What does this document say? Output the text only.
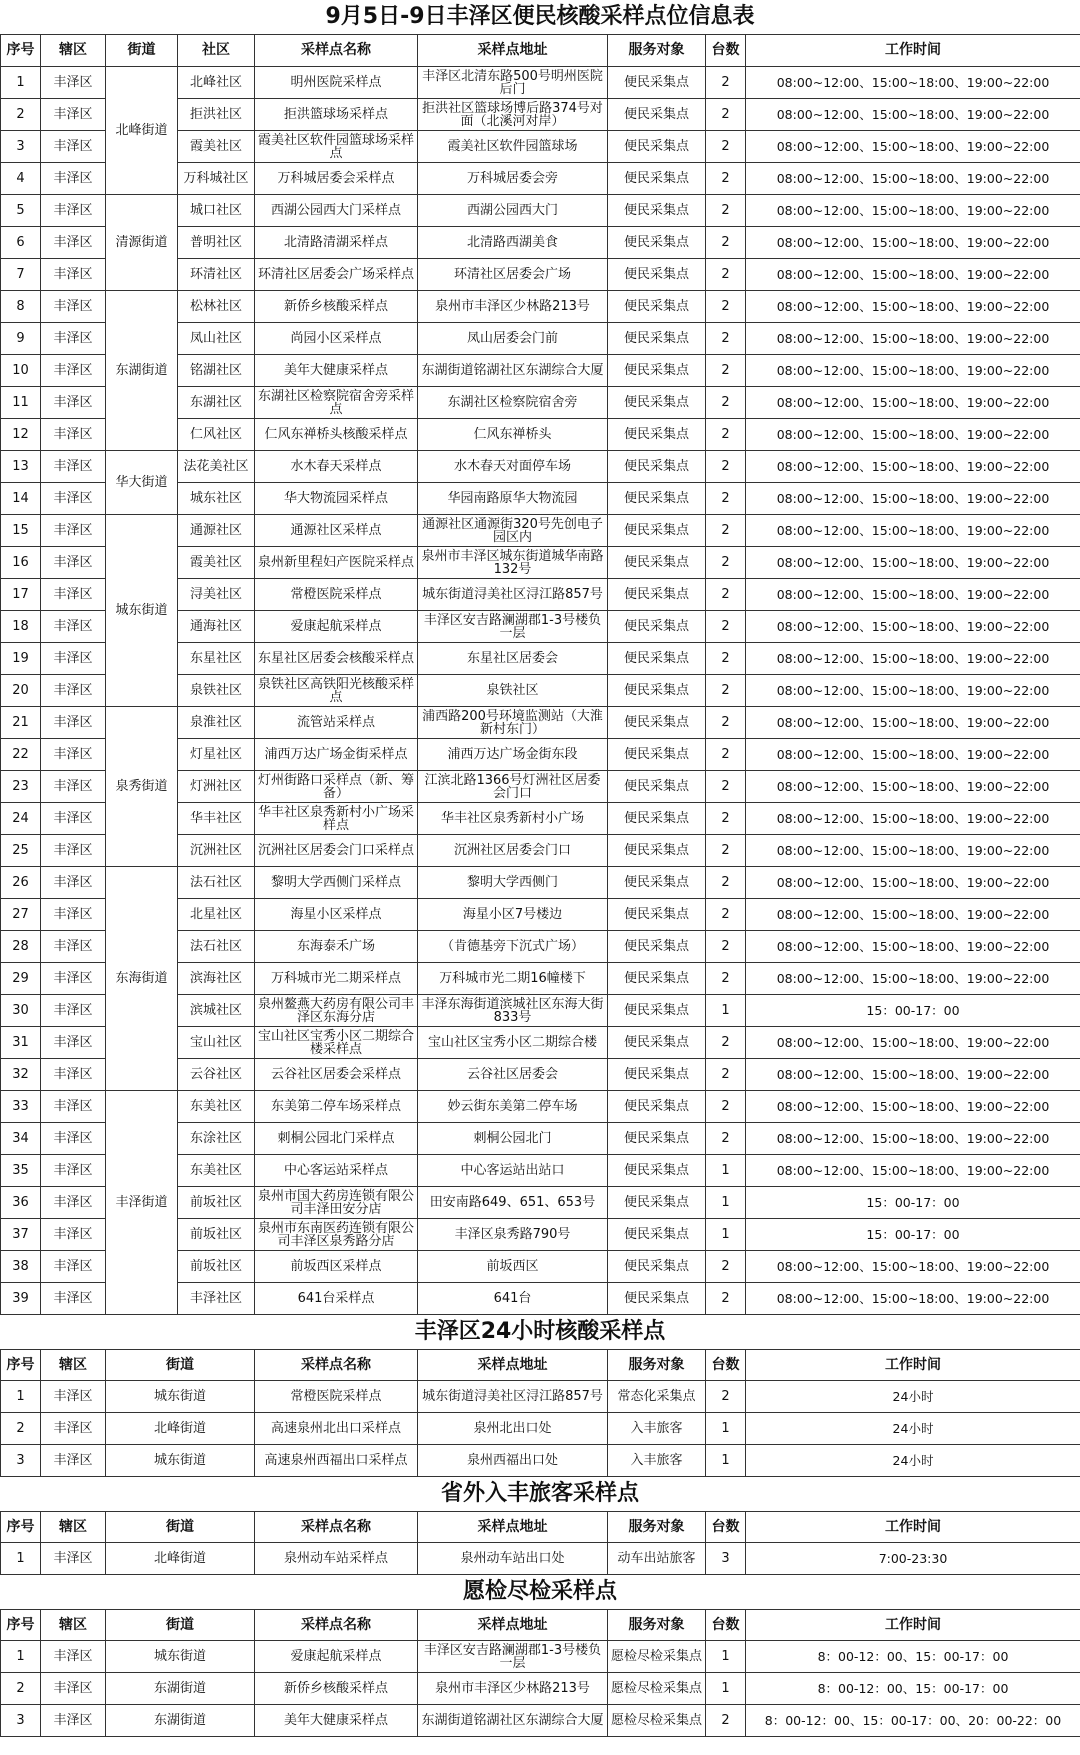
9月5日-9日丰泽区便民核酸采样点位信息表
序号	辖区	街道	社区	采样点名称	采样点地址	服务对象	台数	工作时间
1	丰泽区	北峰街道	北峰社区	明州医院采样点	丰泽区北清东路500号明州医院后门	便民采集点	2	08:00~12:00、15:00~18:00、19:00~22:00
2	丰泽区		拒洪社区	拒洪篮球场采样点	拒洪社区篮球场博后路374号对面（北溪河对岸）	便民采集点	2	08:00~12:00、15:00~18:00、19:00~22:00
3	丰泽区		霞美社区	霞美社区软件园篮球场采样点	霞美社区软件园篮球场	便民采集点	2	08:00~12:00、15:00~18:00、19:00~22:00
4	丰泽区		万科城社区	万科城居委会采样点	万科城居委会旁	便民采集点	2	08:00~12:00、15:00~18:00、19:00~22:00
5	丰泽区	清源街道	城口社区	西湖公园西大门采样点	西湖公园西大门	便民采集点	2	08:00~12:00、15:00~18:00、19:00~22:00
6	丰泽区		普明社区	北清路清湖采样点	北清路西湖美食	便民采集点	2	08:00~12:00、15:00~18:00、19:00~22:00
7	丰泽区		环清社区	环清社区居委会广场采样点	环清社区居委会广场	便民采集点	2	08:00~12:00、15:00~18:00、19:00~22:00
8	丰泽区	东湖街道	松林社区	新侨乡核酸采样点	泉州市丰泽区少林路213号	便民采集点	2	08:00~12:00、15:00~18:00、19:00~22:00
9	丰泽区		凤山社区	尚园小区采样点	凤山居委会门前	便民采集点	2	08:00~12:00、15:00~18:00、19:00~22:00
10	丰泽区		铭湖社区	美年大健康采样点	东湖街道铭湖社区东湖综合大厦	便民采集点	2	08:00~12:00、15:00~18:00、19:00~22:00
11	丰泽区		东湖社区	东湖社区检察院宿舍旁采样点	东湖社区检察院宿舍旁	便民采集点	2	08:00~12:00、15:00~18:00、19:00~22:00
12	丰泽区		仁风社区	仁风东禅桥头核酸采样点	仁风东禅桥头	便民采集点	2	08:00~12:00、15:00~18:00、19:00~22:00
13	丰泽区	华大街道	法花美社区	水木春天采样点	水木春天对面停车场	便民采集点	2	08:00~12:00、15:00~18:00、19:00~22:00
14	丰泽区		城东社区	华大物流园采样点	华园南路原华大物流园	便民采集点	2	08:00~12:00、15:00~18:00、19:00~22:00
15	丰泽区	城东街道	通源社区	通源社区采样点	通源社区通源街320号先创电子园区内	便民采集点	2	08:00~12:00、15:00~18:00、19:00~22:00
16	丰泽区		霞美社区	泉州新里程妇产医院采样点	泉州市丰泽区城东街道城华南路132号	便民采集点	2	08:00~12:00、15:00~18:00、19:00~22:00
17	丰泽区		浔美社区	常橙医院采样点	城东街道浔美社区浔江路857号	便民采集点	2	08:00~12:00、15:00~18:00、19:00~22:00
18	丰泽区		通海社区	爱康起航采样点	丰泽区安吉路澜湖郡1-3号楼负一层	便民采集点	2	08:00~12:00、15:00~18:00、19:00~22:00
19	丰泽区		东星社区	东星社区居委会核酸采样点	东星社区居委会	便民采集点	2	08:00~12:00、15:00~18:00、19:00~22:00
20	丰泽区		泉铁社区	泉铁社区高铁阳光核酸采样点	泉铁社区	便民采集点	2	08:00~12:00、15:00~18:00、19:00~22:00
21	丰泽区	泉秀街道	泉淮社区	流管站采样点	浦西路200号环境监测站（大淮新村东门）	便民采集点	2	08:00~12:00、15:00~18:00、19:00~22:00
22	丰泽区		灯星社区	浦西万达广场金街采样点	浦西万达广场金街东段	便民采集点	2	08:00~12:00、15:00~18:00、19:00~22:00
23	丰泽区		灯洲社区	灯州街路口采样点（新、筹备）	江滨北路1366号灯洲社区居委会门口	便民采集点	2	08:00~12:00、15:00~18:00、19:00~22:00
24	丰泽区		华丰社区	华丰社区泉秀新村小广场采样点	华丰社区泉秀新村小广场	便民采集点	2	08:00~12:00、15:00~18:00、19:00~22:00
25	丰泽区		沉洲社区	沉洲社区居委会门口采样点	沉洲社区居委会门口	便民采集点	2	08:00~12:00、15:00~18:00、19:00~22:00
26	丰泽区	东海街道	法石社区	黎明大学西侧门采样点	黎明大学西侧门	便民采集点	2	08:00~12:00、15:00~18:00、19:00~22:00
27	丰泽区		北星社区	海星小区采样点	海星小区7号楼边	便民采集点	2	08:00~12:00、15:00~18:00、19:00~22:00
28	丰泽区		法石社区	东海泰禾广场	（肯德基旁下沉式广场）	便民采集点	2	08:00~12:00、15:00~18:00、19:00~22:00
29	丰泽区		滨海社区	万科城市光二期采样点	万科城市光二期16幢楼下	便民采集点	2	08:00~12:00、15:00~18:00、19:00~22:00
30	丰泽区		滨城社区	泉州鳌燕大药房有限公司丰泽区东海分店	丰泽东海街道滨城社区东海大街833号	便民采集点	1	15：00-17：00
31	丰泽区		宝山社区	宝山社区宝秀小区二期综合楼采样点	宝山社区宝秀小区二期综合楼	便民采集点	2	08:00~12:00、15:00~18:00、19:00~22:00
32	丰泽区		云谷社区	云谷社区居委会采样点	云谷社区居委会	便民采集点	2	08:00~12:00、15:00~18:00、19:00~22:00
33	丰泽区	丰泽街道	东美社区	东美第二停车场采样点	妙云街东美第二停车场	便民采集点	2	08:00~12:00、15:00~18:00、19:00~22:00
34	丰泽区		东涂社区	刺桐公园北门采样点	刺桐公园北门	便民采集点	2	08:00~12:00、15:00~18:00、19:00~22:00
35	丰泽区		东美社区	中心客运站采样点	中心客运站出站口	便民采集点	1	08:00~12:00、15:00~18:00、19:00~22:00
36	丰泽区		前坂社区	泉州市国大药房连锁有限公司丰泽田安分店	田安南路649、651、653号	便民采集点	1	15：00-17：00
37	丰泽区		前坂社区	泉州市东南医药连锁有限公司丰泽区泉秀路分店	丰泽区泉秀路790号	便民采集点	1	15：00-17：00
38	丰泽区		前坂社区	前坂西区采样点	前坂西区	便民采集点	2	08:00~12:00、15:00~18:00、19:00~22:00
39	丰泽区		丰泽社区	641台采样点	641台	便民采集点	2	08:00~12:00、15:00~18:00、19:00~22:00
丰泽区24小时核酸采样点
序号	辖区	街道	采样点名称	采样点地址	服务对象	台数	工作时间
1	丰泽区	城东街道	常橙医院采样点	城东街道浔美社区浔江路857号	常态化采集点	2	24小时
2	丰泽区	北峰街道	高速泉州北出口采样点	泉州北出口处	入丰旅客	1	24小时
3	丰泽区	城东街道	高速泉州西福出口采样点	泉州西福出口处	入丰旅客	1	24小时
省外入丰旅客采样点
序号	辖区	街道	采样点名称	采样点地址	服务对象	台数	工作时间
1	丰泽区	北峰街道	泉州动车站采样点	泉州动车站出口处	动车出站旅客	3	7:00-23:30
愿检尽检采样点
序号	辖区	街道	采样点名称	采样点地址	服务对象	台数	工作时间
1	丰泽区	城东街道	爱康起航采样点	丰泽区安吉路澜湖郡1-3号楼负一层	愿检尽检采集点	1	8：00-12：00、15：00-17：00
2	丰泽区	东湖街道	新侨乡核酸采样点	泉州市丰泽区少林路213号	愿检尽检采集点	1	8：00-12：00、15：00-17：00
3	丰泽区	东湖街道	美年大健康采样点	东湖街道铭湖社区东湖综合大厦	愿检尽检采集点	2	8：00-12：00、15：00-17：00、20：00-22：00
